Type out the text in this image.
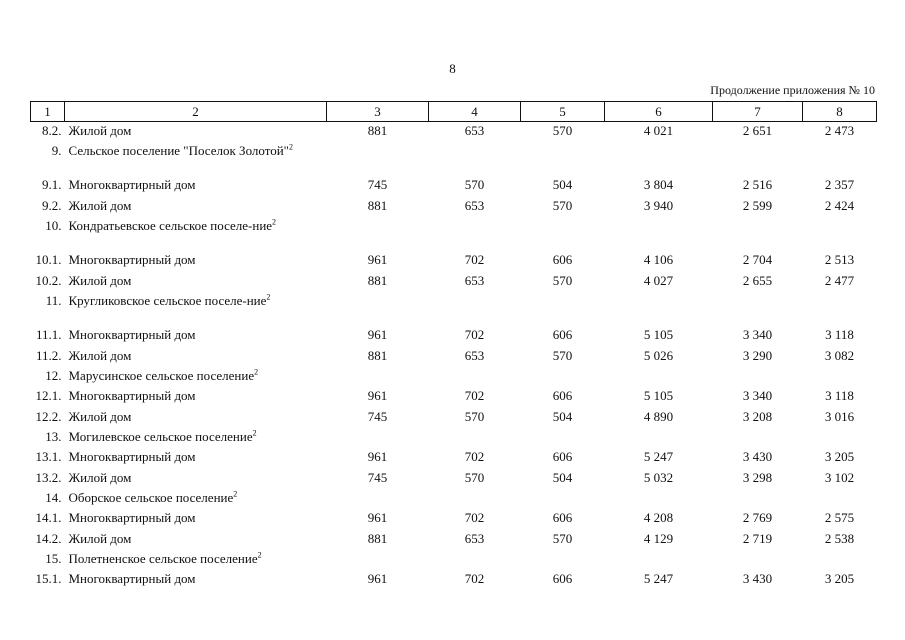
8
Продолжение приложения № 10
1	2	3	4	5	6	7	8
8.2.	Жилой дом	881	653	570	4 021	2 651	2 473
9.	Сельское поселение "Поселок Золотой"$^2$						
9.1.	Многоквартирный дом	745	570	504	3 804	2 516	2 357
9.2.	Жилой дом	881	653	570	3 940	2 599	2 424
10.	Кондратьевское сельское поселе-ние$^2$						
10.1.	Многоквартирный дом	961	702	606	4 106	2 704	2 513
10.2.	Жилой дом	881	653	570	4 027	2 655	2 477
11.	Кругликовское сельское поселе-ние$^2$						
11.1.	Многоквартирный дом	961	702	606	5 105	3 340	3 118
11.2.	Жилой дом	881	653	570	5 026	3 290	3 082
12.	Марусинское сельское поселение$^2$						
12.1.	Многоквартирный дом	961	702	606	5 105	3 340	3 118
12.2.	Жилой дом	745	570	504	4 890	3 208	3 016
13.	Могилевское сельское поселение$^2$						
13.1.	Многоквартирный дом	961	702	606	5 247	3 430	3 205
13.2.	Жилой дом	745	570	504	5 032	3 298	3 102
14.	Оборское сельское поселение$^2$						
14.1.	Многоквартирный дом	961	702	606	4 208	2 769	2 575
14.2.	Жилой дом	881	653	570	4 129	2 719	2 538
15.	Полетненское сельское поселение$^2$						
15.1.	Многоквартирный дом	961	702	606	5 247	3 430	3 205
